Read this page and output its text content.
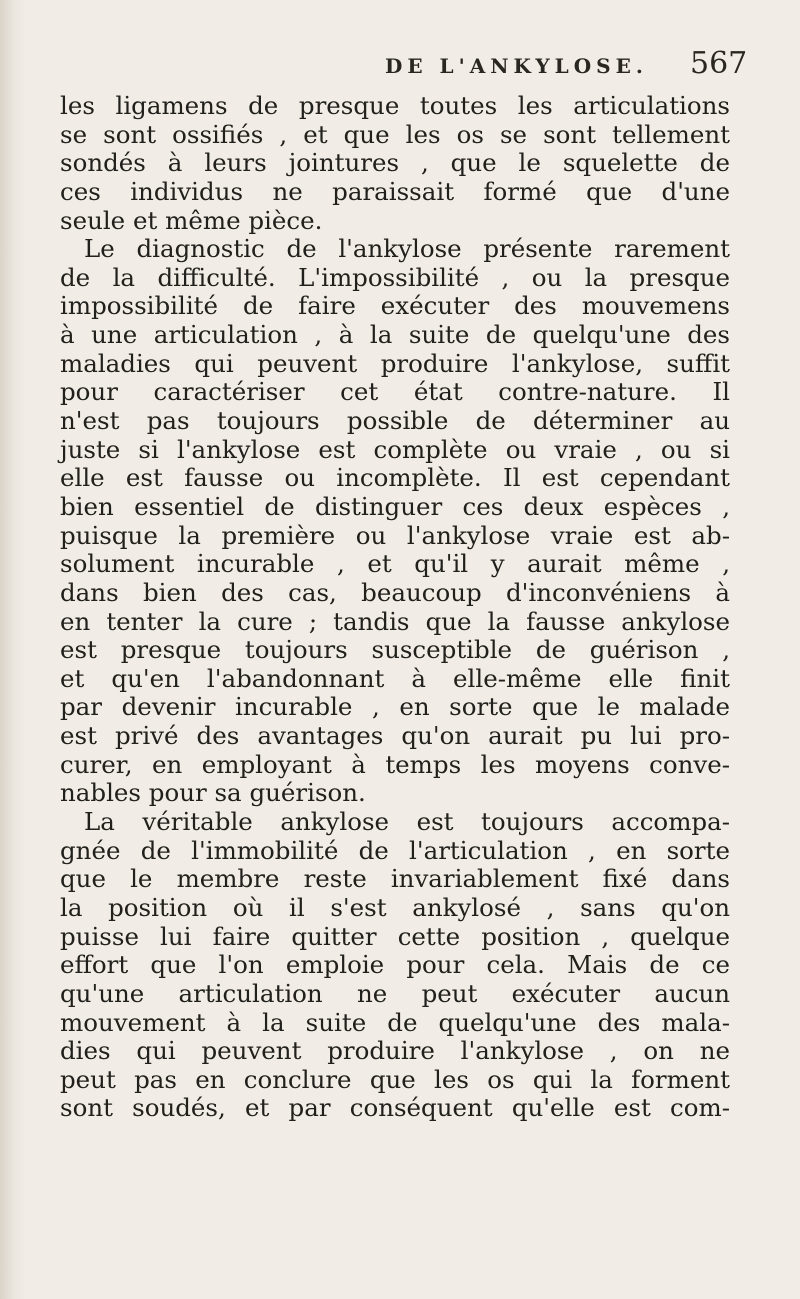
DE L'ANKYLOSE. 567
les ligamens de presque toutes les articulations
se sont ossifiés , et que les os se sont tellement
sondés à leurs jointures , que le squelette de
ces individus ne paraissait formé que d'une
seule et même pièce.
Le diagnostic de l'ankylose présente rarement
de la difficulté. L'impossibilité , ou la presque
impossibilité de faire exécuter des mouvemens
à une articulation , à la suite de quelqu'une des
maladies qui peuvent produire l'ankylose, suffit
pour caractériser cet état contre-nature. Il
n'est pas toujours possible de déterminer au
juste si l'ankylose est complète ou vraie , ou si
elle est fausse ou incomplète. Il est cependant
bien essentiel de distinguer ces deux espèces ,
puisque la première ou l'ankylose vraie est ab-
solument incurable , et qu'il y aurait même ,
dans bien des cas, beaucoup d'inconvéniens à
en tenter la cure ; tandis que la fausse ankylose
est presque toujours susceptible de guérison ,
et qu'en l'abandonnant à elle-même elle finit
par devenir incurable , en sorte que le malade
est privé des avantages qu'on aurait pu lui pro-
curer, en employant à temps les moyens conve-
nables pour sa guérison.
La véritable ankylose est toujours accompa-
gnée de l'immobilité de l'articulation , en sorte
que le membre reste invariablement fixé dans
la position où il s'est ankylosé , sans qu'on
puisse lui faire quitter cette position , quelque
effort que l'on emploie pour cela. Mais de ce
qu'une articulation ne peut exécuter aucun
mouvement à la suite de quelqu'une des mala-
dies qui peuvent produire l'ankylose , on ne
peut pas en conclure que les os qui la forment
sont soudés, et par conséquent qu'elle est com-
